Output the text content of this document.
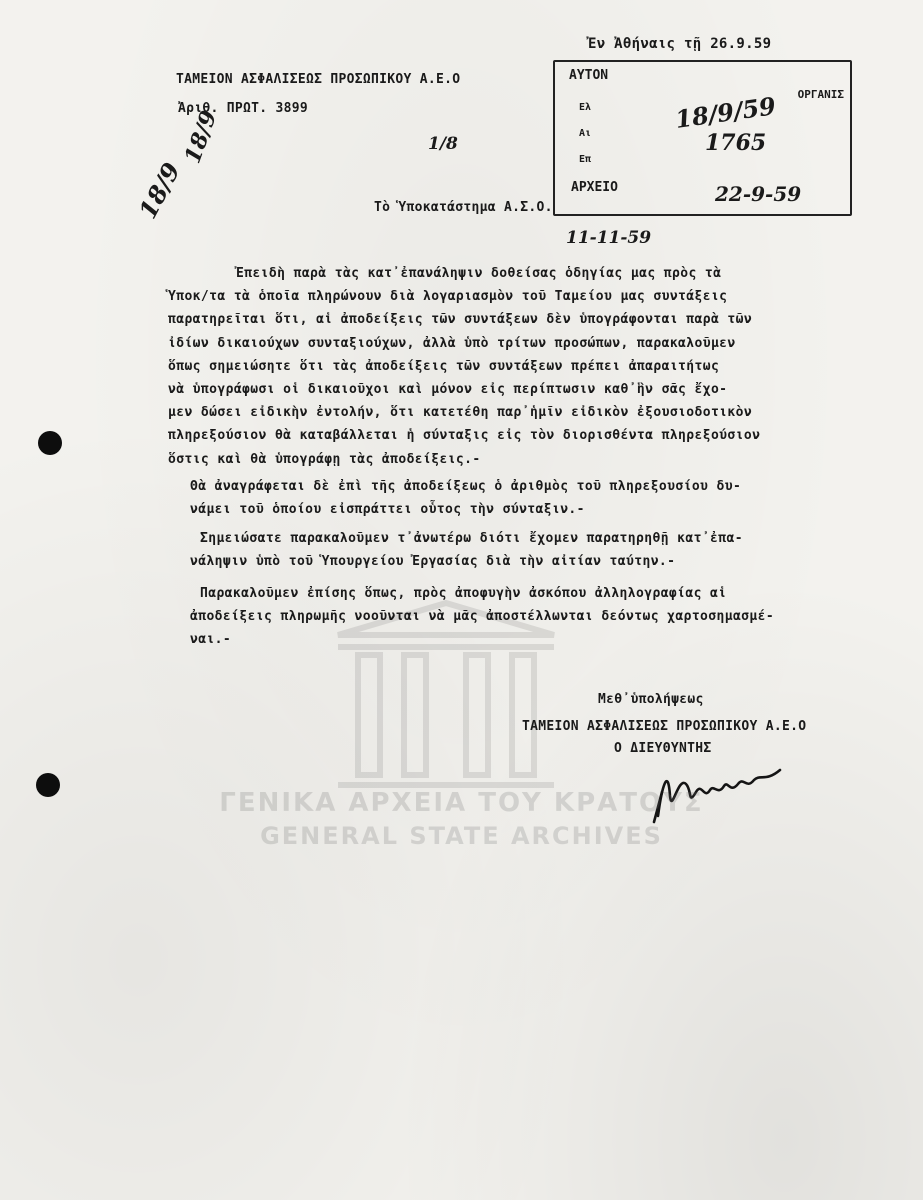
Ἐν Ἀθήναις τῇ 26.9.59
ΤΑΜΕΙΟΝ ΑΣΦΑΛΙΣΕΩΣ ΠΡΟΣΩΠΙΚΟΥ Α.Ε.Ο
Ἀριθ. ΠΡΩΤ. 3899
1/8
Τὸ Ὑποκατάστημα Α.Σ.Ο.
18/9
18/9
11-11-59
ΑΥΤΟΝ
ΟΡΓΑΝΙΣ
Ελ
Αι
Επ
ΑΡΧΕΙΟ	22-9-59
18/9/59
1765
Ἐπειδὴ παρὰ τὰς κατ᾽ἐπανάληψιν δοθείσας ὁδηγίας μας πρὸς τὰ
Ὑποκ/τα τὰ ὁποῖα πληρώνουν διὰ λογαριασμὸν τοῦ Ταμείου μας συντάξεις
παρατηρεῖται ὅτι, αἱ ἀποδείξεις τῶν συντάξεων δὲν ὑπογράφονται παρὰ τῶν
ἰδίων δικαιούχων συνταξιούχων, ἀλλὰ ὑπὸ τρίτων προσώπων, παρακαλοῦμεν
ὅπως σημειώσητε ὅτι τὰς ἀποδείξεις τῶν συντάξεων πρέπει ἀπαραιτήτως
νὰ ὑπογράφωσι οἱ δικαιοῦχοι καὶ μόνον εἰς περίπτωσιν καθ᾽ἣν σᾶς ἔχο-
μεν δώσει εἰδικὴν ἐντολήν, ὅτι κατετέθη παρ᾽ἡμῖν εἰδικὸν ἐξουσιοδοτικὸν
πληρεξούσιον θὰ καταβάλλεται ἡ σύνταξις εἰς τὸν διορισθέντα πληρεξούσιον
ὅστις καὶ θὰ ὑπογράφῃ τὰς ἀποδείξεις.-
Θὰ ἀναγράφεται δὲ ἐπὶ τῆς ἀποδείξεως ὁ ἀριθμὸς τοῦ πληρεξουσίου δυ-
νάμει τοῦ ὁποίου εἰσπράττει οὗτος τὴν σύνταξιν.-
Σημειώσατε παρακαλοῦμεν τ᾽ἀνωτέρω διότι ἔχομεν παρατηρηθῇ κατ᾽ἐπα-
νάληψιν ὑπὸ τοῦ Ὑπουργείου Ἐργασίας διὰ τὴν αἰτίαν ταύτην.-
Παρακαλοῦμεν ἐπίσης ὅπως, πρὸς ἀποφυγὴν ἀσκόπου ἀλληλογραφίας αἱ
ἀποδείξεις πληρωμῆς νοοῦνται νὰ μᾶς ἀποστέλλωνται δεόντως χαρτοσημασμέ-
ναι.-
Μεθ᾽ὑπολήψεως
ΤΑΜΕΙΟΝ ΑΣΦΑΛΙΣΕΩΣ ΠΡΟΣΩΠΙΚΟΥ Α.Ε.Ο
Ο ΔΙΕΥΘΥΝΤΗΣ
ΓΕΝΙΚΑ ΑΡΧΕΙΑ ΤΟΥ ΚΡΑΤΟΥΣ
GENERAL STATE ARCHIVES
